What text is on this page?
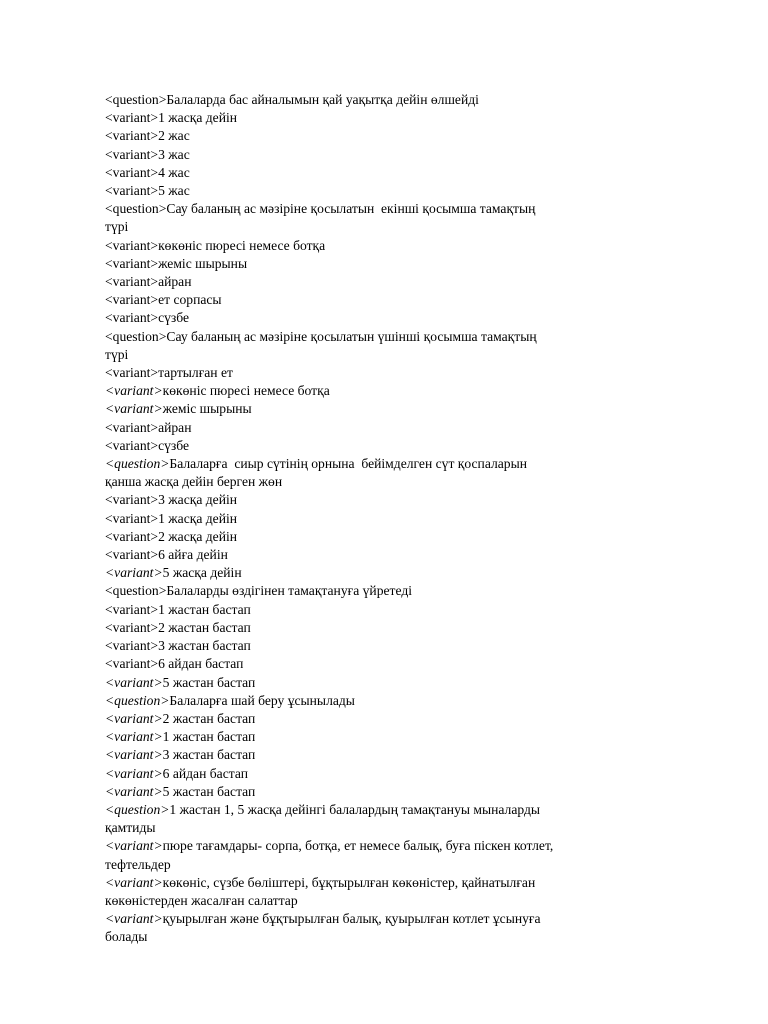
<question>Балаларда бас айналымын қай уақытқа дейін өлшейді

<variant>1 жасқа дейін

<variant>2 жас

<variant>3 жас

<variant>4 жас

<variant>5 жас

<question>Сау баланың ас мәзіріне қосылатын  екінші қосымша тамақтың

түрі

<variant>көкөніс пюресі немесе ботқа

<variant>жеміс шырыны

<variant>айран

<variant>ет сорпасы

<variant>сүзбе

<question>Сау баланың ас мәзіріне қосылатын үшінші қосымша тамақтың

түрі

<variant>тартылған ет

<variant>көкөніс пюресі немесе ботқа

<variant>жеміс шырыны

<variant>айран

<variant>сүзбе

<question>Балаларға  сиыр сүтінің орнына  бейімделген сүт қоспаларын

қанша жасқа дейін берген жөн

<variant>3 жасқа дейін

<variant>1 жасқа дейін

<variant>2 жасқа дейін

<variant>6 айға дейін

<variant>5 жасқа дейін

<question>Балаларды өздігінен тамақтануға үйретеді

<variant>1 жастан бастап

<variant>2 жастан бастап

<variant>3 жастан бастап

<variant>6 айдан бастап

<variant>5 жастан бастап

<question>Балаларға шай беру ұсынылады

<variant>2 жастан бастап

<variant>1 жастан бастап

<variant>3 жастан бастап

<variant>6 айдан бастап

<variant>5 жастан бастап

<question>1 жастан 1, 5 жасқа дейінгі балалардың тамақтануы мыналарды

қамтиды

<variant>пюре тағамдары- сорпа, ботқа, ет немесе балық, буға піскен котлет,

тефтельдер

<variant>көкөніс, сүзбе бөліштері, бұқтырылған көкөністер, қайнатылған

көкөністерден жасалған салаттар

<variant>қуырылған және бұқтырылған балық, қуырылған котлет ұсынуға

болады
